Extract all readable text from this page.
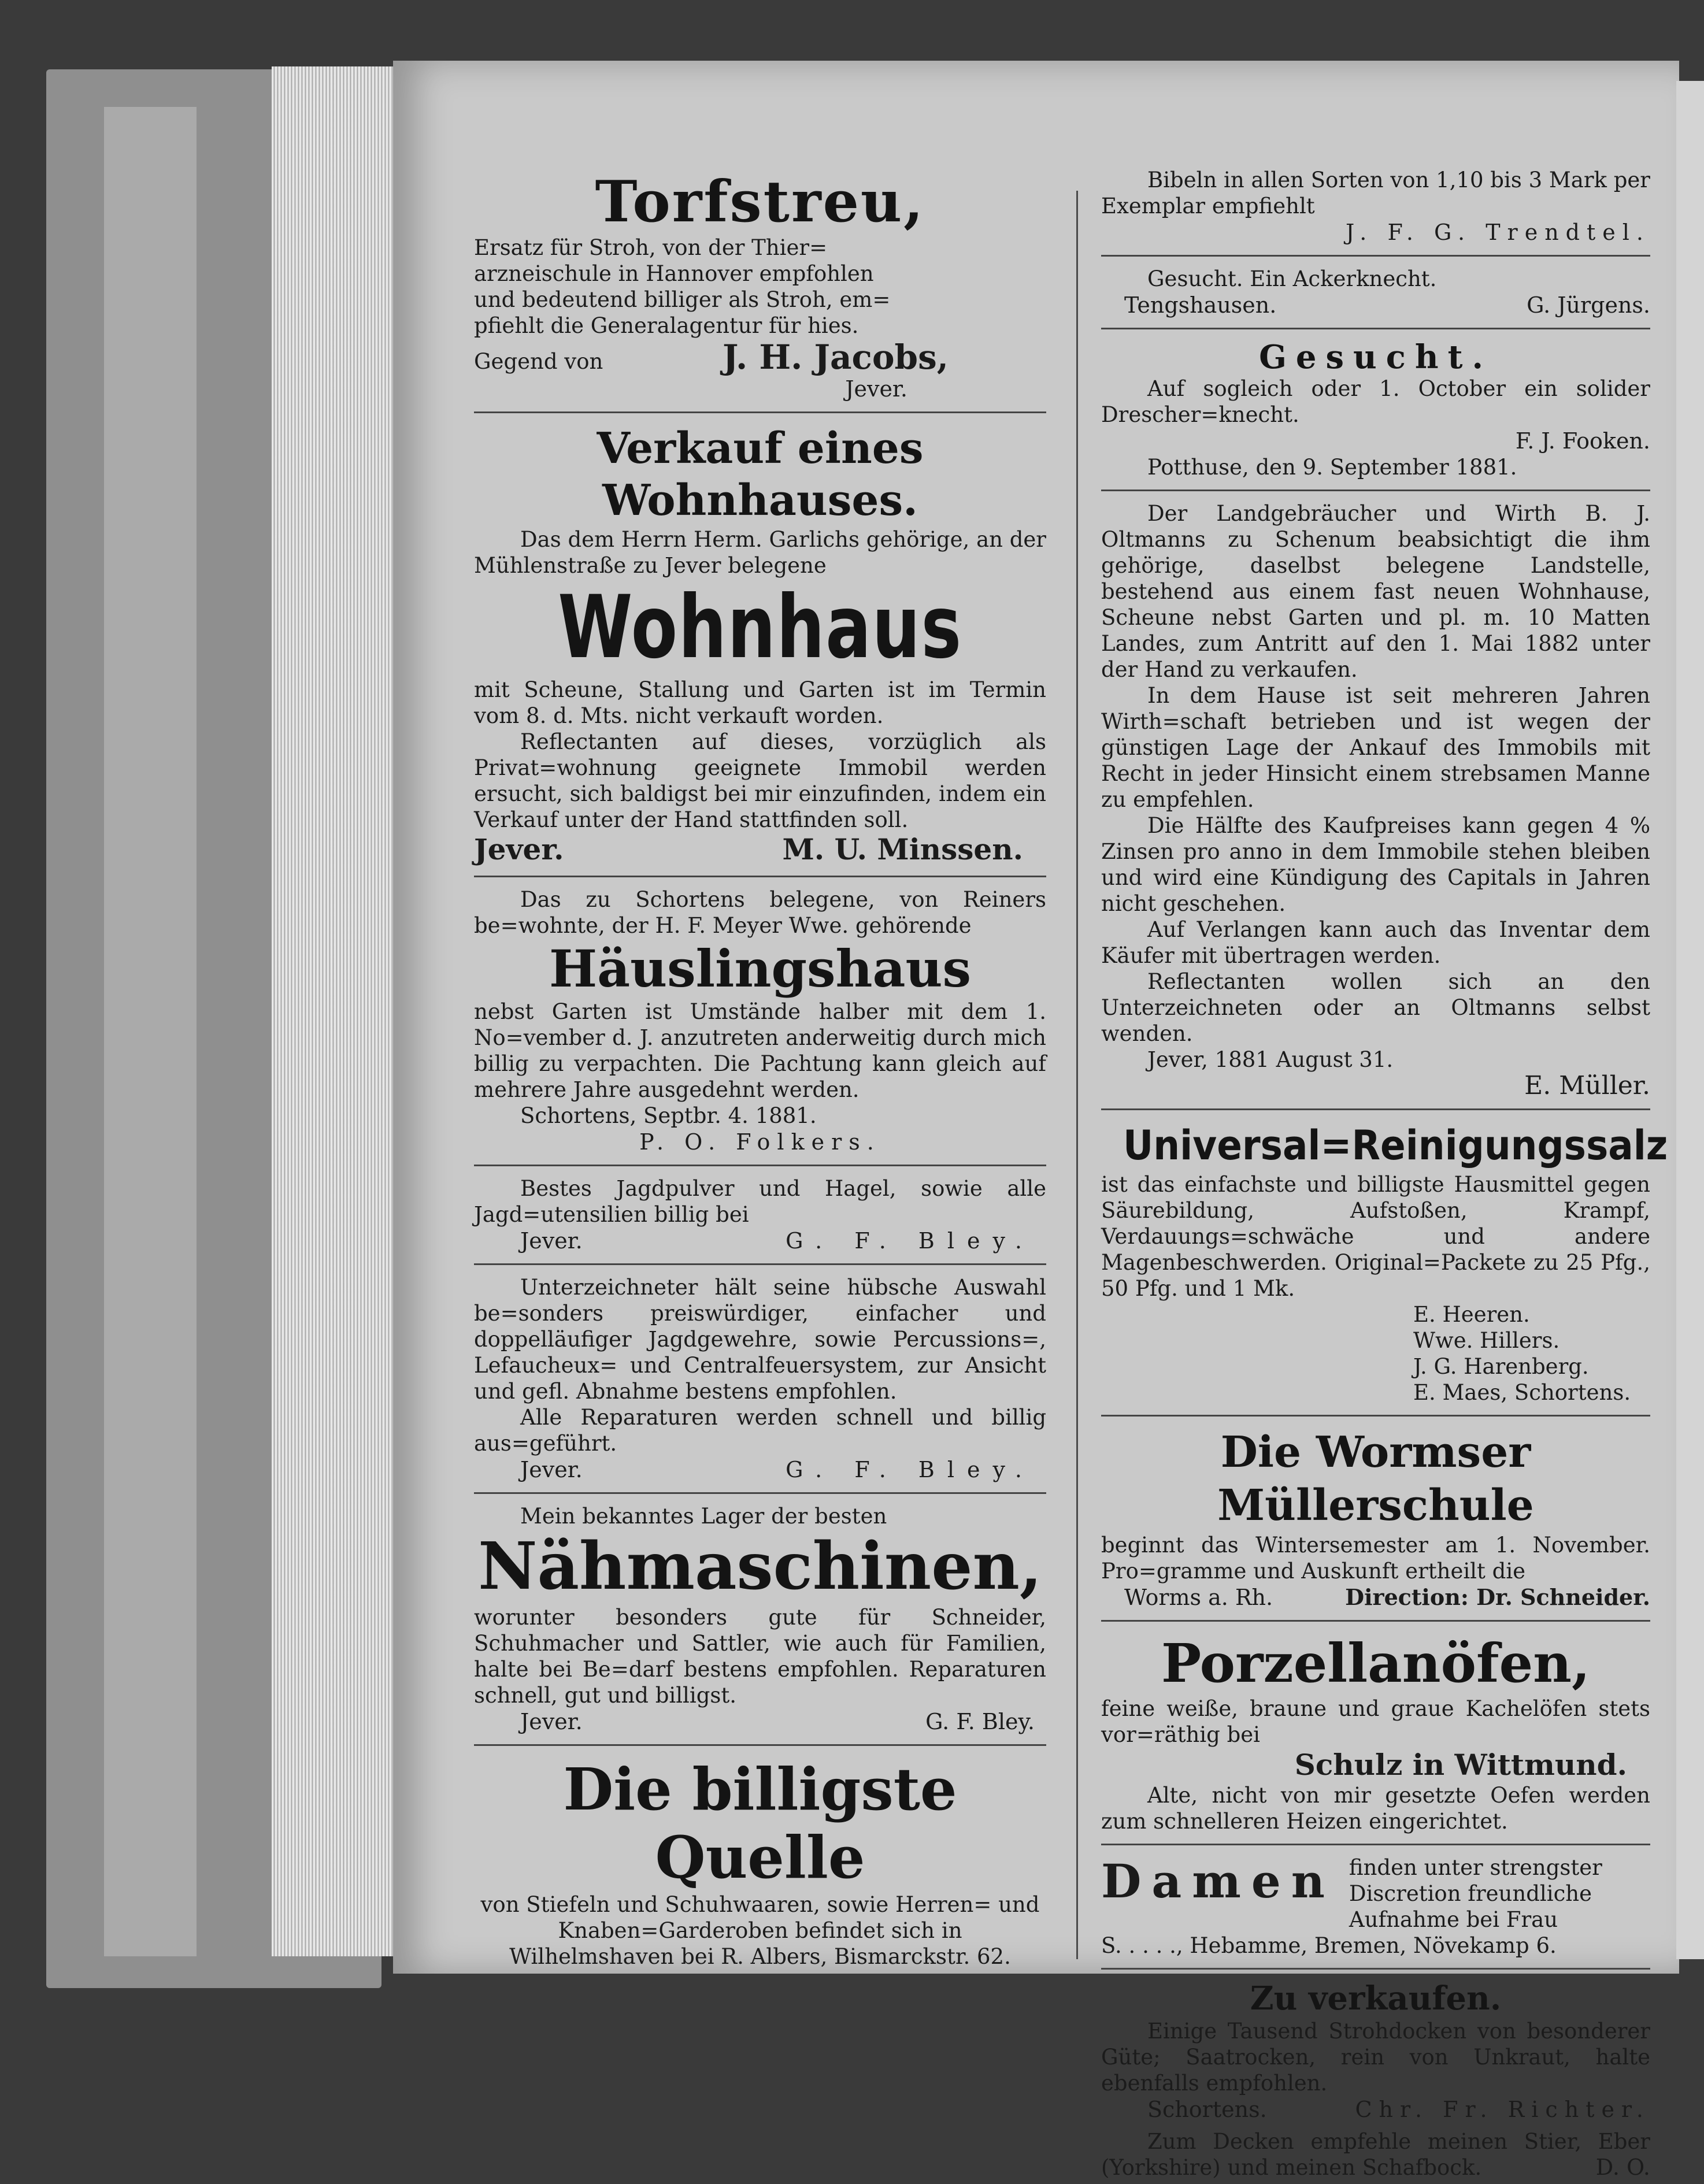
Torfstreu,
Ersatz für Stroh, von der Thier=
arzneischule in Hannover empfohlen
und bedeutend billiger als Stroh, em=
pfiehlt die Generalagentur für hies.
Gegend von	J. H. Jacobs,
Jever.
Verkauf eines Wohnhauses.
Das dem Herrn Herm. Garlichs gehörige, an der Mühlenstraße zu Jever belegene
Wohnhaus
mit Scheune, Stallung und Garten ist im Termin vom 8. d. Mts. nicht verkauft worden.
Reflectanten auf dieses, vorzüglich als Privat=wohnung geeignete Immobil werden ersucht, sich baldigst bei mir einzufinden, indem ein Verkauf unter der Hand stattfinden soll.
Jever.	M. U. Minssen.
Das zu Schortens belegene, von Reiners be=wohnte, der H. F. Meyer Wwe. gehörende
Häuslingshaus
nebst Garten ist Umstände halber mit dem 1. No=vember d. J. anzutreten anderweitig durch mich billig zu verpachten. Die Pachtung kann gleich auf mehrere Jahre ausgedehnt werden.
Schortens, Septbr. 4. 1881.
P. O. Folkers.
Bestes Jagdpulver und Hagel, sowie alle Jagd=utensilien billig bei
Jever.	G. F. Bley.
Unterzeichneter hält seine hübsche Auswahl be=sonders preiswürdiger, einfacher und doppelläufiger Jagdgewehre, sowie Percussions=, Lefaucheux= und Centralfeuersystem, zur Ansicht und gefl. Abnahme bestens empfohlen.
Alle Reparaturen werden schnell und billig aus=geführt.
Jever.	G. F. Bley.
Mein bekanntes Lager der besten
Nähmaschinen,
worunter besonders gute für Schneider, Schuhmacher und Sattler, wie auch für Familien, halte bei Be=darf bestens empfohlen. Reparaturen schnell, gut und billigst.
Jever.	G. F. Bley.
Die billigste Quelle
von Stiefeln und Schuhwaaren, sowie Herren= und Knaben=Garderoben befindet sich in Wilhelmshaven bei R. Albers, Bismarckstr. 62.
Bibeln in allen Sorten von 1,10 bis 3 Mark per Exemplar empfiehlt
J. F. G. Trendtel.
Gesucht. Ein Ackerknecht.
Tengshausen.	G. Jürgens.
Gesucht.
Auf sogleich oder 1. October ein solider Drescher=knecht.
F. J. Fooken.
Potthuse, den 9. September 1881.
Der Landgebräucher und Wirth B. J. Oltmanns zu Schenum beabsichtigt die ihm gehörige, daselbst belegene Landstelle, bestehend aus einem fast neuen Wohnhause, Scheune nebst Garten und pl. m. 10 Matten Landes, zum Antritt auf den 1. Mai 1882 unter der Hand zu verkaufen.
In dem Hause ist seit mehreren Jahren Wirth=schaft betrieben und ist wegen der günstigen Lage der Ankauf des Immobils mit Recht in jeder Hinsicht einem strebsamen Manne zu empfehlen.
Die Hälfte des Kaufpreises kann gegen 4 % Zinsen pro anno in dem Immobile stehen bleiben und wird eine Kündigung des Capitals in Jahren nicht geschehen.
Auf Verlangen kann auch das Inventar dem Käufer mit übertragen werden.
Reflectanten wollen sich an den Unterzeichneten oder an Oltmanns selbst wenden.
Jever, 1881 August 31.
E. Müller.
Universal=Reinigungssalz
ist das einfachste und billigste Hausmittel gegen Säurebildung, Aufstoßen, Krampf, Verdauungs=schwäche und andere Magenbeschwerden. Original=Packete zu 25 Pfg., 50 Pfg. und 1 Mk.
E. Heeren.
Wwe. Hillers.
J. G. Harenberg.
E. Maes, Schortens.
Die Wormser Müllerschule
beginnt das Wintersemester am 1. November. Pro=gramme und Auskunft ertheilt die
Worms a. Rh.	Direction: Dr. Schneider.
Porzellanöfen,
feine weiße, braune und graue Kachelöfen stets vor=räthig bei
Schulz in Wittmund.
Alte, nicht von mir gesetzte Oefen werden zum schnelleren Heizen eingerichtet.
Damen finden unter strengster Discretion freundliche Aufnahme bei Frau
S. . . . ., Hebamme, Bremen, Növekamp 6.
Zu verkaufen.
Einige Tausend Strohdocken von besonderer Güte; Saatrocken, rein von Unkraut, halte ebenfalls empfohlen.
Schortens.	Chr. Fr. Richter.
Zum Decken empfehle meinen Stier, Eber (Yorkshire) und meinen Schafbock.	D. O.
